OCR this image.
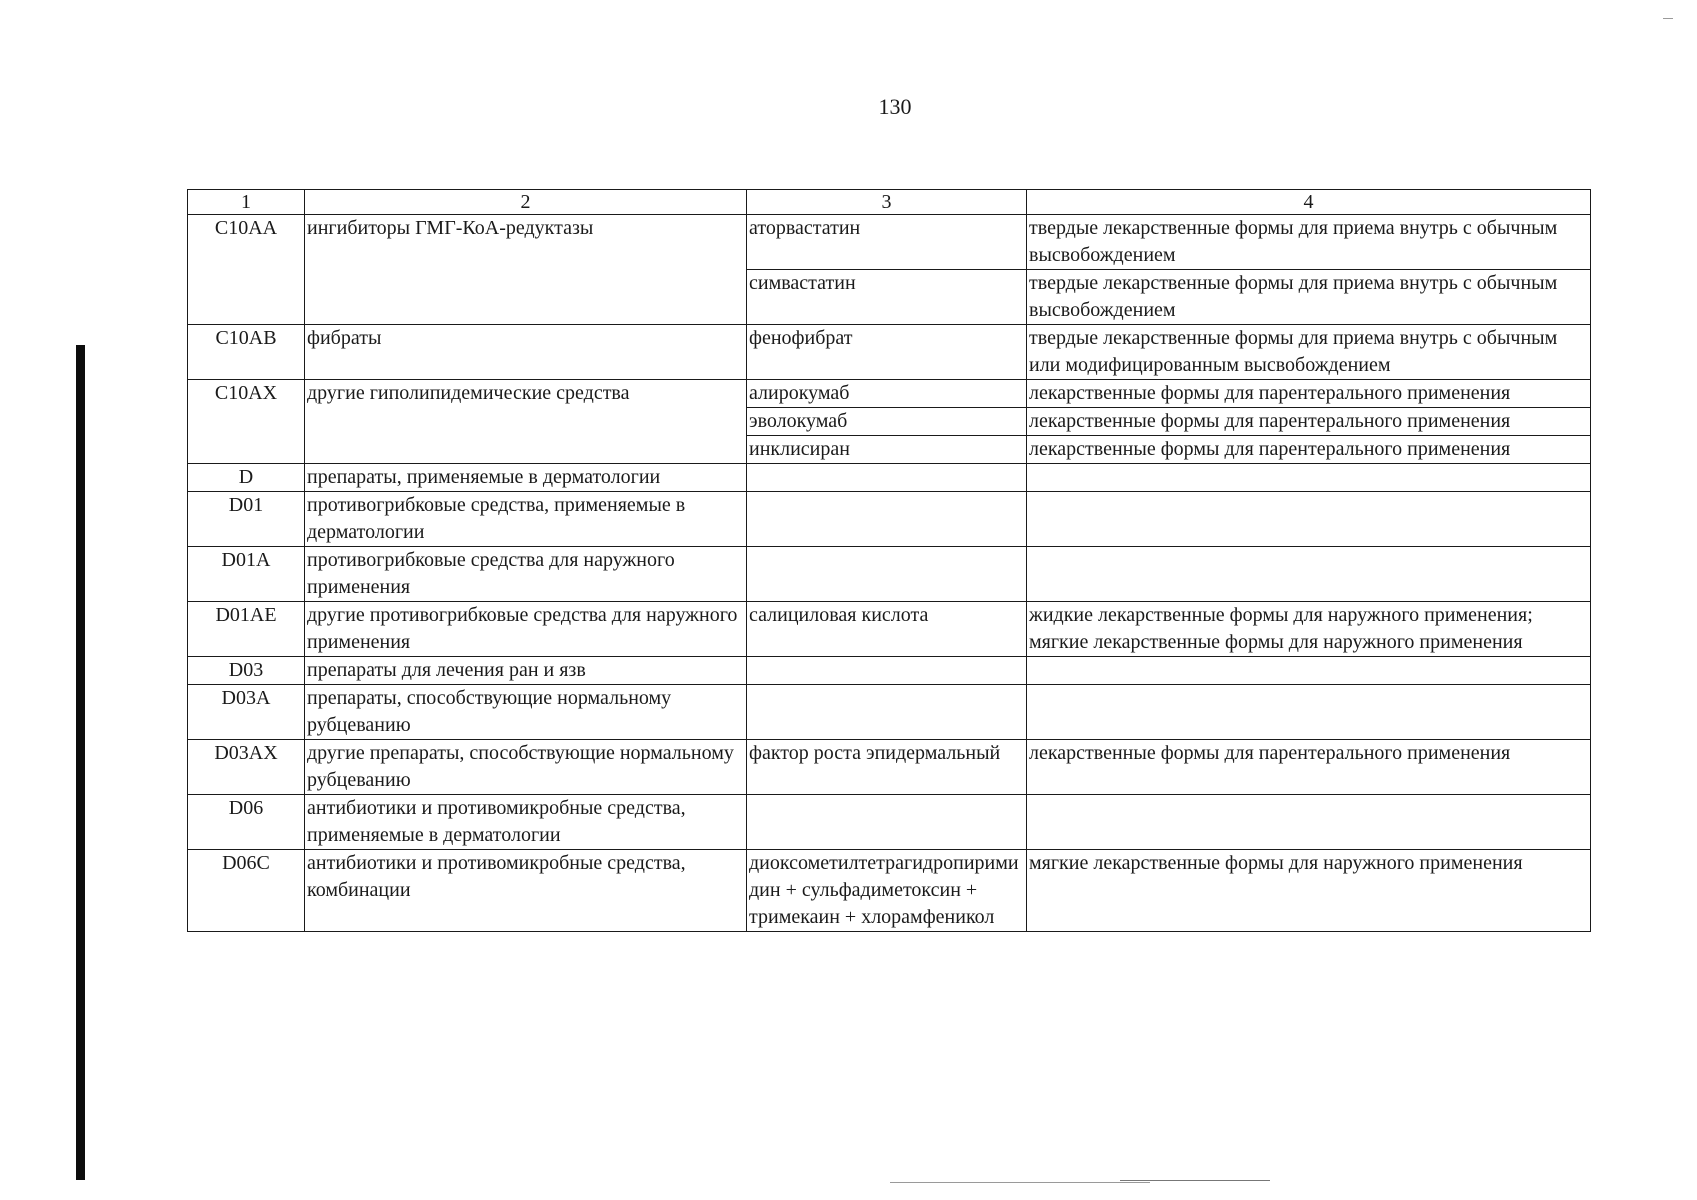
130
1	2	3	4
C10AA	ингибиторы ГМГ-КоА-редуктазы	аторвастатин	твердые лекарственные формы для приема внутрь с обычным высвобождением

		симвастатин	твердые лекарственные формы для приема внутрь с обычным высвобождением

C10AB	фибраты	фенофибрат	твердые лекарственные формы для приема внутрь с обычным или модифицированным высвобождением

C10AX	другие гиполипидемические средства	алирокумаб	лекарственные формы для парентерального применения

		эволокумаб	лекарственные формы для парентерального применения

		инклисиран	лекарственные формы для парентерального применения

D	препараты, применяемые в дерматологии		

D01	противогрибковые средства, применяемые в дерматологии		

D01A	противогрибковые средства для наружного применения		

D01AE	другие противогрибковые средства для наружного применения	салициловая кислота	жидкие лекарственные формы для наружного применения;
мягкие лекарственные формы для наружного применения

D03	препараты для лечения ран и язв		

D03A	препараты, способствующие нормальному рубцеванию		

D03AX	другие препараты, способствующие нормальному рубцеванию	фактор роста эпидермальный	лекарственные формы для парентерального применения

D06	антибиотики и противомикробные средства, применяемые в дерматологии		

D06C	антибиотики и противомикробные средства, комбинации	диоксометилтетрагидропиримидин + сульфадиметоксин + тримекаин + хлорамфеникол	мягкие лекарственные формы для наружного применения
